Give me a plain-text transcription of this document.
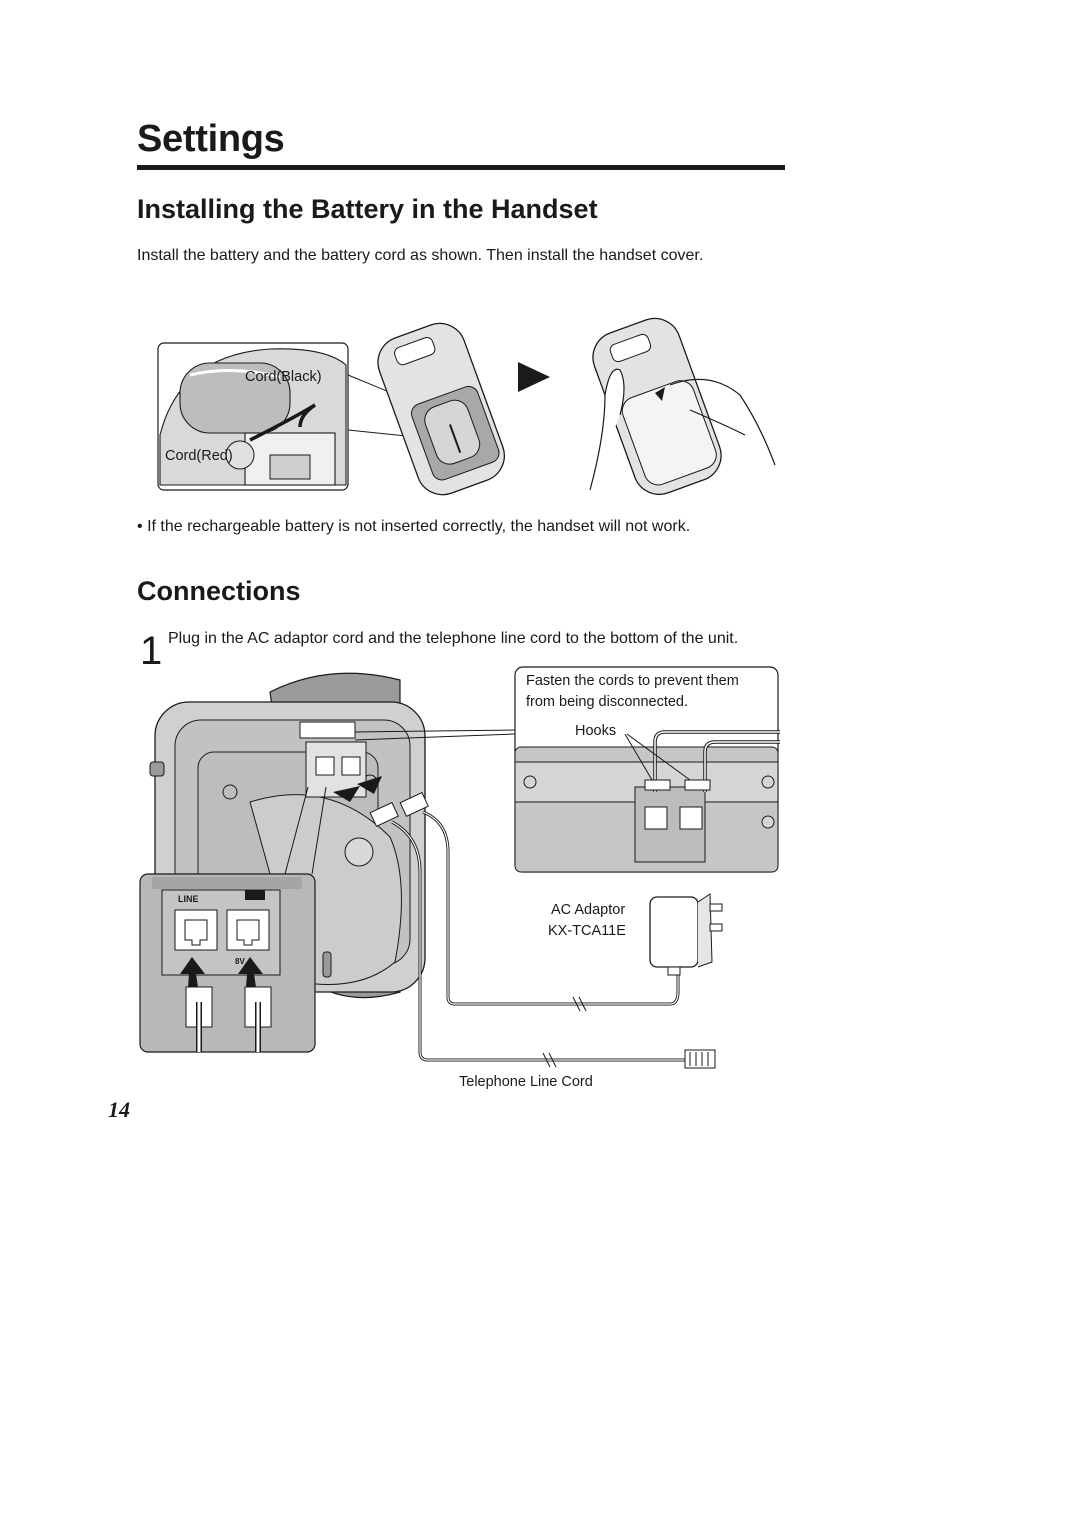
Settings
Installing the Battery in the Handset
Install the battery and the battery cord as shown. Then install the handset cover.
Cord(Black)
Cord(Red)
• If the rechargeable battery is not inserted correctly, the handset will not work.
Connections
1 Plug in the AC adaptor cord and the telephone line cord to the bottom of the unit.
LINE
8V
Fasten the cords to prevent them from being disconnected.
Hooks
AC Adaptor
KX-TCA11E
Telephone Line Cord
14
